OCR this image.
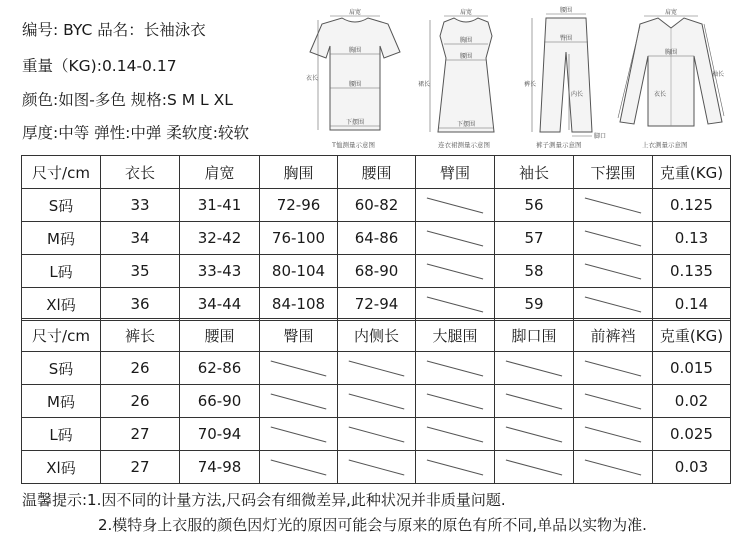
编号: BYC 品名：长袖泳衣
重量（KG):0.14-0.17
颜色:如图-多色 规格:S M L XL
厚度:中等 弹性:中弹 柔软度:较软
肩宽
胸围
衣长
腰围
下摆围
T恤测量示意图
肩宽
胸围
腰围
裙长
下摆围
连衣裙测量示意图
腰围
臀围
裤长
内长
脚口
裤子测量示意图
肩宽
胸围
衣长
袖长
上衣测量示意图
尺寸/cm	衣长	肩宽	胸围	腰围	臂围	袖长	下摆围	克重(KG)
S码	33	31-41	72-96	60-82		56		0.125
M码	34	32-42	76-100	64-86		57		0.13
L码	35	33-43	80-104	68-90		58		0.135
Xl码	36	34-44	84-108	72-94		59		0.14
尺寸/cm	裤长	腰围	臀围	内侧长	大腿围	脚口围	前裤裆	克重(KG)
S码	26	62-86						0.015
M码	26	66-90						0.02
L码	27	70-94						0.025
Xl码	27	74-98						0.03
温馨提示:1.因不同的计量方法,尺码会有细微差异,此种状况并非质量问题.
2.模特身上衣服的颜色因灯光的原因可能会与原来的原色有所不同,单品以实物为准.
